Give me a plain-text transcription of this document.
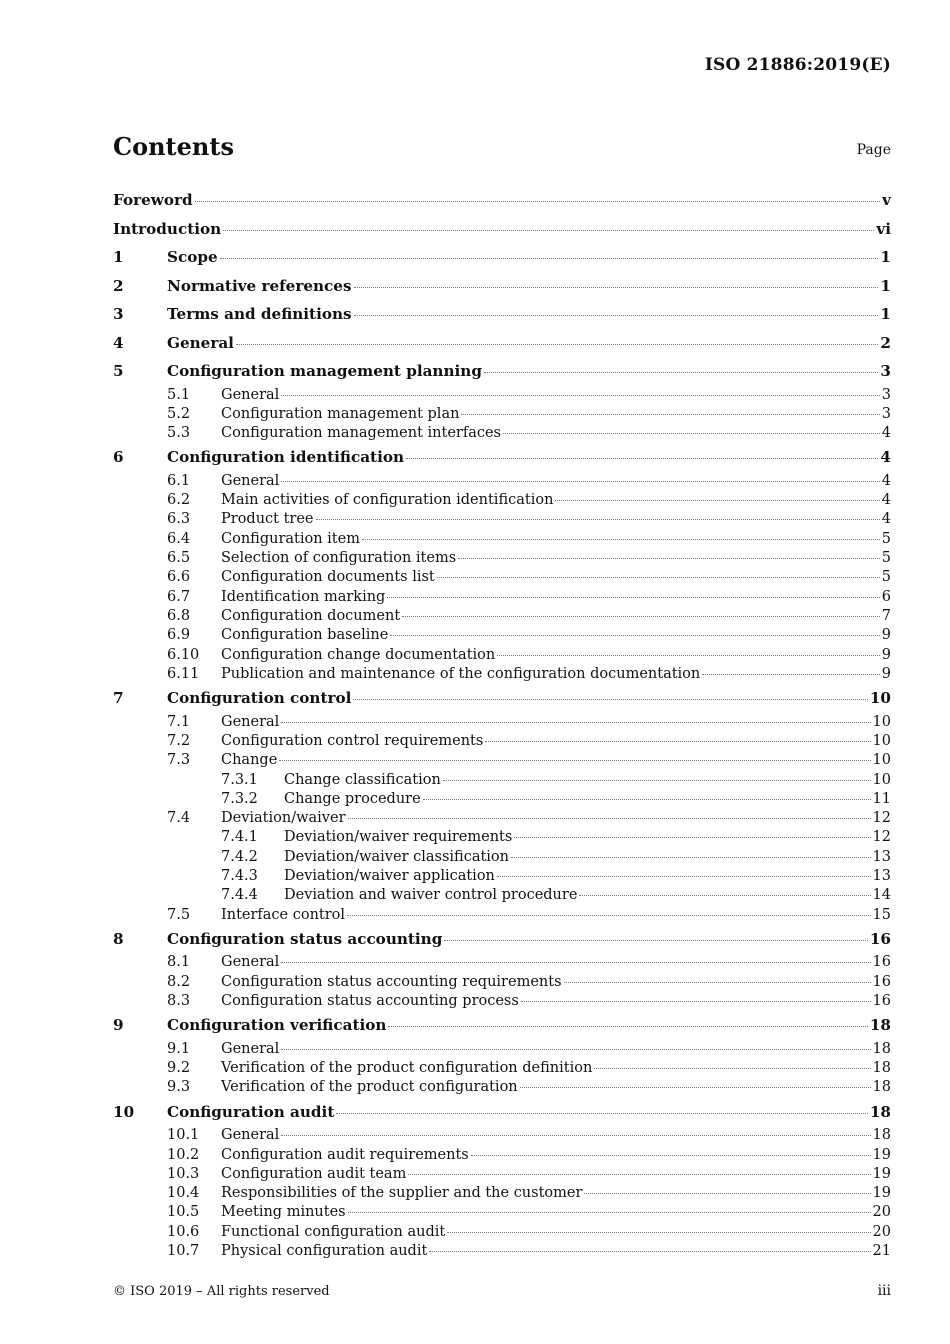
ISO 21886:2019(E)
Contents	Page
Foreword	v
Introduction	vi
1	Scope	1
2	Normative references	1
3	Terms and definitions	1
4	General	2
5	Configuration management planning	3
5.1	General	3
5.2	Configuration management plan	3
5.3	Configuration management interfaces	4
6	Configuration identification	4
6.1	General	4
6.2	Main activities of configuration identification	4
6.3	Product tree	4
6.4	Configuration item	5
6.5	Selection of configuration items	5
6.6	Configuration documents list	5
6.7	Identification marking	6
6.8	Configuration document	7
6.9	Configuration baseline	9
6.10	Configuration change documentation	9
6.11	Publication and maintenance of the configuration documentation	9
7	Configuration control	10
7.1	General	10
7.2	Configuration control requirements	10
7.3	Change	10
7.3.1	Change classification	10
7.3.2	Change procedure	11
7.4	Deviation/waiver	12
7.4.1	Deviation/waiver requirements	12
7.4.2	Deviation/waiver classification	13
7.4.3	Deviation/waiver application	13
7.4.4	Deviation and waiver control procedure	14
7.5	Interface control	15
8	Configuration status accounting	16
8.1	General	16
8.2	Configuration status accounting requirements	16
8.3	Configuration status accounting process	16
9	Configuration verification	18
9.1	General	18
9.2	Verification of the product configuration definition	18
9.3	Verification of the product configuration	18
10	Configuration audit	18
10.1	General	18
10.2	Configuration audit requirements	19
10.3	Configuration audit team	19
10.4	Responsibilities of the supplier and the customer	19
10.5	Meeting minutes	20
10.6	Functional configuration audit	20
10.7	Physical configuration audit	21
© ISO 2019 – All rights reserved	iii
